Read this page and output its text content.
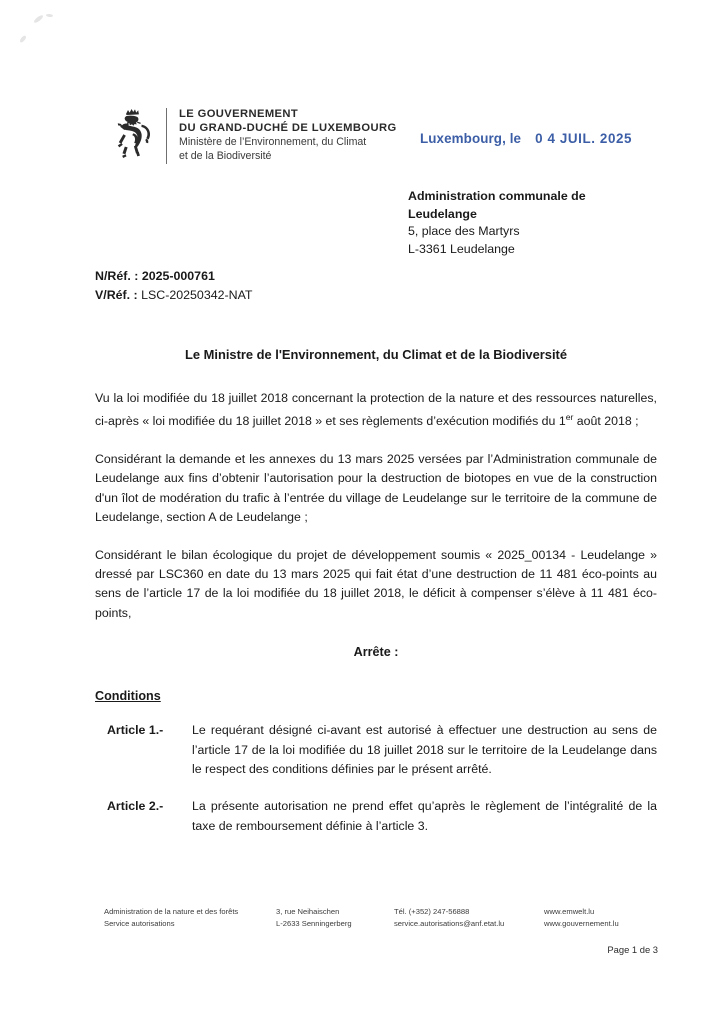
LE GOUVERNEMENT
DU GRAND-DUCHÉ DE LUXEMBOURG
Ministère de l’Environnement, du Climat
et de la Biodiversité
Luxembourg, le 0 4 JUIL. 2025
Administration communale de
Leudelange
5, place des Martyrs
L-3361 Leudelange
N/Réf. : 2025-000761
V/Réf. : LSC-20250342-NAT
Le Ministre de l'Environnement, du Climat et de la Biodiversité

Vu la loi modifiée du 18 juillet 2018 concernant la protection de la nature et des ressources naturelles, ci-après « loi modifiée du 18 juillet 2018 » et ses règlements d’exécution modifiés du 1er août 2018 ;

Considérant la demande et les annexes du 13 mars 2025 versées par l’Administration communale de Leudelange aux fins d’obtenir l’autorisation pour la destruction de biotopes en vue de la construction d'un îlot de modération du trafic à l’entrée du village de Leudelange sur le territoire de la commune de Leudelange, section A de Leudelange ;

Considérant le bilan écologique du projet de développement soumis « 2025_00134 - Leudelange » dressé par LSC360 en date du 13 mars 2025 qui fait état d’une destruction de 11 481 éco-points au sens de l’article 17 de la loi modifiée du 18 juillet 2018, le déficit à compenser s’élève à 11 481 éco-points,

Arrête :

Conditions

Article 1.-	Le requérant désigné ci-avant est autorisé à effectuer une destruction au sens de l’article 17 de la loi modifiée du 18 juillet 2018 sur le territoire de la Leudelange dans le respect des conditions définies par le présent arrêté.
Article 2.-	La présente autorisation ne prend effet qu’après le règlement de l’intégralité de la taxe de remboursement définie à l’article 3.
Administration de la nature et des forêts
Service autorisations
3, rue Neihaischen
L-2633 Senningerberg
Tél. (+352) 247-56888
service.autorisations@anf.etat.lu
www.emwelt.lu
www.gouvernement.lu
Page 1 de 3
